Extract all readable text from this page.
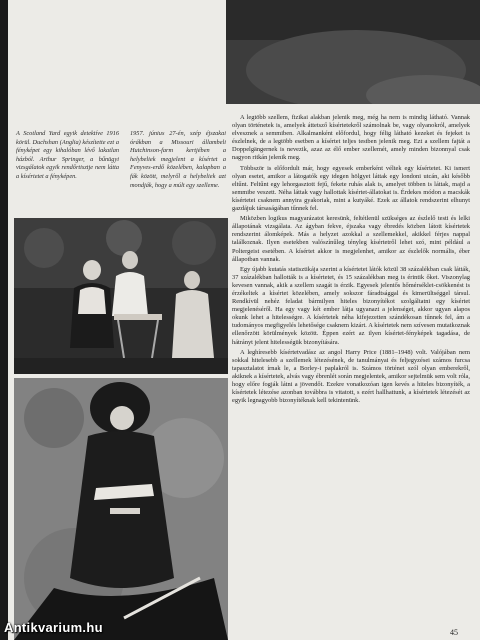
A Scotland Yard egyik detektíve 1916 körül. Duchshan (Anglia) készítette ezt a fényképet egy kihalóban lévő lakatlan házból. Arthur Springer, a bűnügyi vizsgálatok egyik rendőrtisztje nem látta a kísértetet a fényképen.
1957. június 27-én, szép éjszakai órákban a Missouri állambeli Hutchinson-farm kertjében a helybeliek megjelent a kísértet a Fenyves-erdő közelében, kalapban a fák között, melyről a helybeliek azt mondják, hogy a múlt egy szelleme.

A legtöbb szellem, fizikai alakban jelenik meg, még ha nem is mindig látható. Vannak olyan történetek is, amelyek áttetsző kísértetekről számolnak be, vagy olyanokról, amelyek elvesznek a semmiben. Alkalmanként előfordul, hogy félig látható kezeket és fejeket is észlelnek, de a legtöbb esetben a kísértet teljes testben jelenik meg. Ezt a szellem fajtát a Doppelgängernek is nevezik, azaz az élő ember szellemét, amely minden bizonnyal csak nagyon ritkán jelenik meg.

Többször is előfordult már, hogy egyesek emberként véltek egy kísértetet. Ki ismert olyan esetet, amikor a látogatók egy idegen hölgyet láttak egy londoni utcán, aki később eltűnt. Feltűnt egy lehorgasztott fejű, fekete ruhás alak is, amelyet többen is láttak, majd a semmibe veszett. Néha láttak vagy hallottak kísértet-állatokat is. Érdekes módon a macskák kísértetei csaknem annyira gyakoriak, mint a kutyáké. Ezek az állatok rendszerint elhunyt gazdájuk társaságában tűnnek fel.

Miközben logikus magyarázatot keresünk, feltétlenül szükséges az észlelő testi és lelki állapotának vizsgálata. Az ágyban fekve, éjszaka vagy ébredés közben látott kísértetek rendszerint álomképek. Más a helyzet azokkal a szellemekkel, akikkel férjes nappal találkoznak. Ilyen esetekben valószínűleg tényleg kísértetről lehet szó, mint például a Poltergeist esetében. A kísértet akkor is megjelenhet, amikor az észlelők normális, éber állapotban vannak.

Egy újabb kutatás statisztikája szerint a kísértetet látók közül 38 százalékban csak látták, 37 százalékban hallották is a kísértetet, és 15 százalékban meg is érintik őket. Viszonylag kevesen vannak, akik a szellem szagát is érzik. Egyesek jelentős hőmérséklet-csökkenést is érzékeltek a kísértet közelében, amely sokszor fáradtsággal és kimerültséggel társul. Rendkívül nehéz feladat bármilyen hiteles bizonyítékot szolgáltatni egy kísértet megjelenéséről. Ha egy vagy két ember látja ugyanazt a jelenséget, akkor ugyan alapos okunk lehet a hitelességre. A kísértetek néha kifejezetten szándékosan tűnnek fel, ám a tudományos megfigyelés lehetősége csaknem kizárt. A kísértetek nem szívesen mutatkoznak ellenőrzött körülmények között. Éppen ezért az ilyen kísértet-fényképek tagadása, de hátrányt jelent hitelességük bizonyítására.

A leghíresebb kísértetvadász az angol Harry Price (1881–1948) volt. Valójában nem sokkal hitelesebb a szellemek létezésének, de tanulmányai és feljegyzései számos furcsa tapasztalatot írnak le, a Borley-i paplakról is. Számos történet szól olyan emberekről, akiknek a kísértetek, alvás vagy ébrenlét során megjelentek, amikor sejtelmük sem volt róla, hogy előre fogják látni a jövendőt. Ezekre vonatkozóan igen kevés a hiteles bizonyíték, a kísértetek létezése azonban továbbra is vitatott, s ezért hallhattunk, a kísértetek létezését az egyik legnagyobb bizonyítéknak kell tekintenünk.

45
Antikvarium.hu
